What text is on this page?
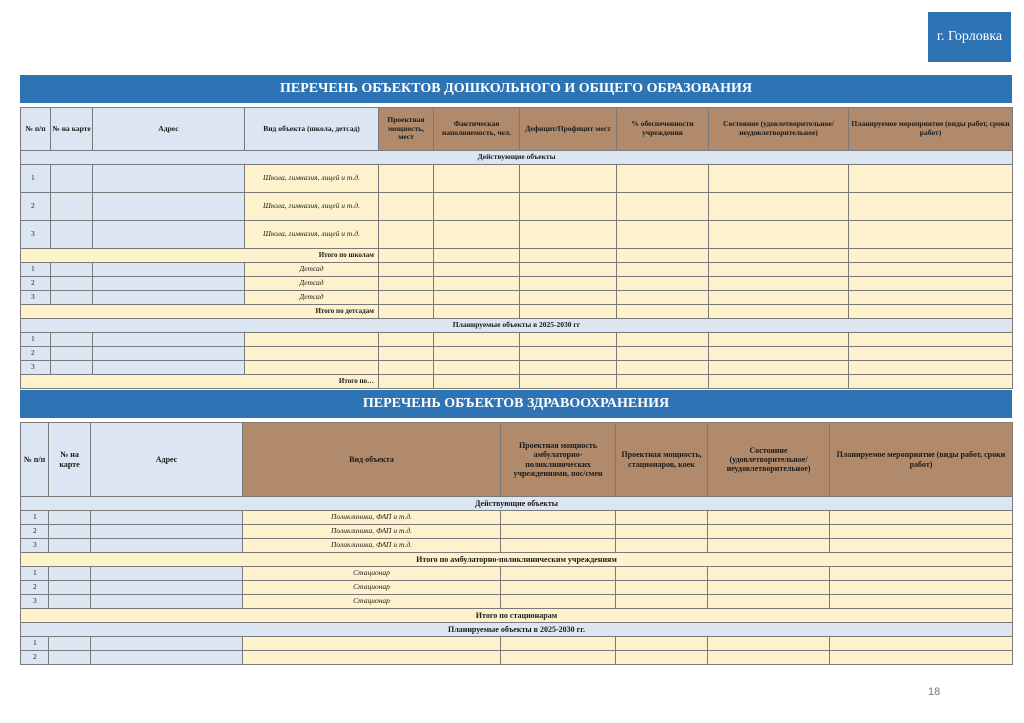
г. Горловка
ПЕРЕЧЕНЬ ОБЪЕКТОВ ДОШКОЛЬНОГО И ОБЩЕГО ОБРАЗОВАНИЯ
№ п/п	№ на карте	Адрес	Вид объекта (школа, детсад)	Проектная мощность, мест	Фактическая наполняемость, чел.	Дефицит/Профицит мест	% обеспеченности учреждения	Состояние (удовлетворительное/ неудовлетворительное)	Планируемое мероприятие (виды работ, сроки работ)
Действующие объекты									
1			Школа, гимназия, лицей и т.д.						
2			Школа, гимназия, лицей и т.д.						
3			Школа, гимназия, лицей и т.д.						
Итого по школам									
1			Детсад						
2			Детсад						
3			Детсад						
Итого по детсадам									
Планируемые объекты в 2025-2030 гг									
1									
2									
3									
Итого по…									
ПЕРЕЧЕНЬ ОБЪЕКТОВ ЗДРАВООХРАНЕНИЯ
№ п/п	№ на карте	Адрес	Вид объекта	Проектная мощность амбулаторно-поликлинических учреждениями, пос/смен	Проектная мощность, стационаров, коек	Состояние (удовлетворительное/ неудовлетворительное)	Планируемое мероприятие (виды работ, сроки работ)
Действующие объекты							
1			Поликлиника, ФАП и т.д.				
2			Поликлиника, ФАП и т.д.				
3			Поликлиника, ФАП и т.д.				
Итого по амбулаторно-поликлиническим учреждениям							
1			Стационар				
2			Стационар				
3			Стационар				
Итого по стационарам							
Планируемые объекты в 2025-2030 гг.							
1							
2							
18
